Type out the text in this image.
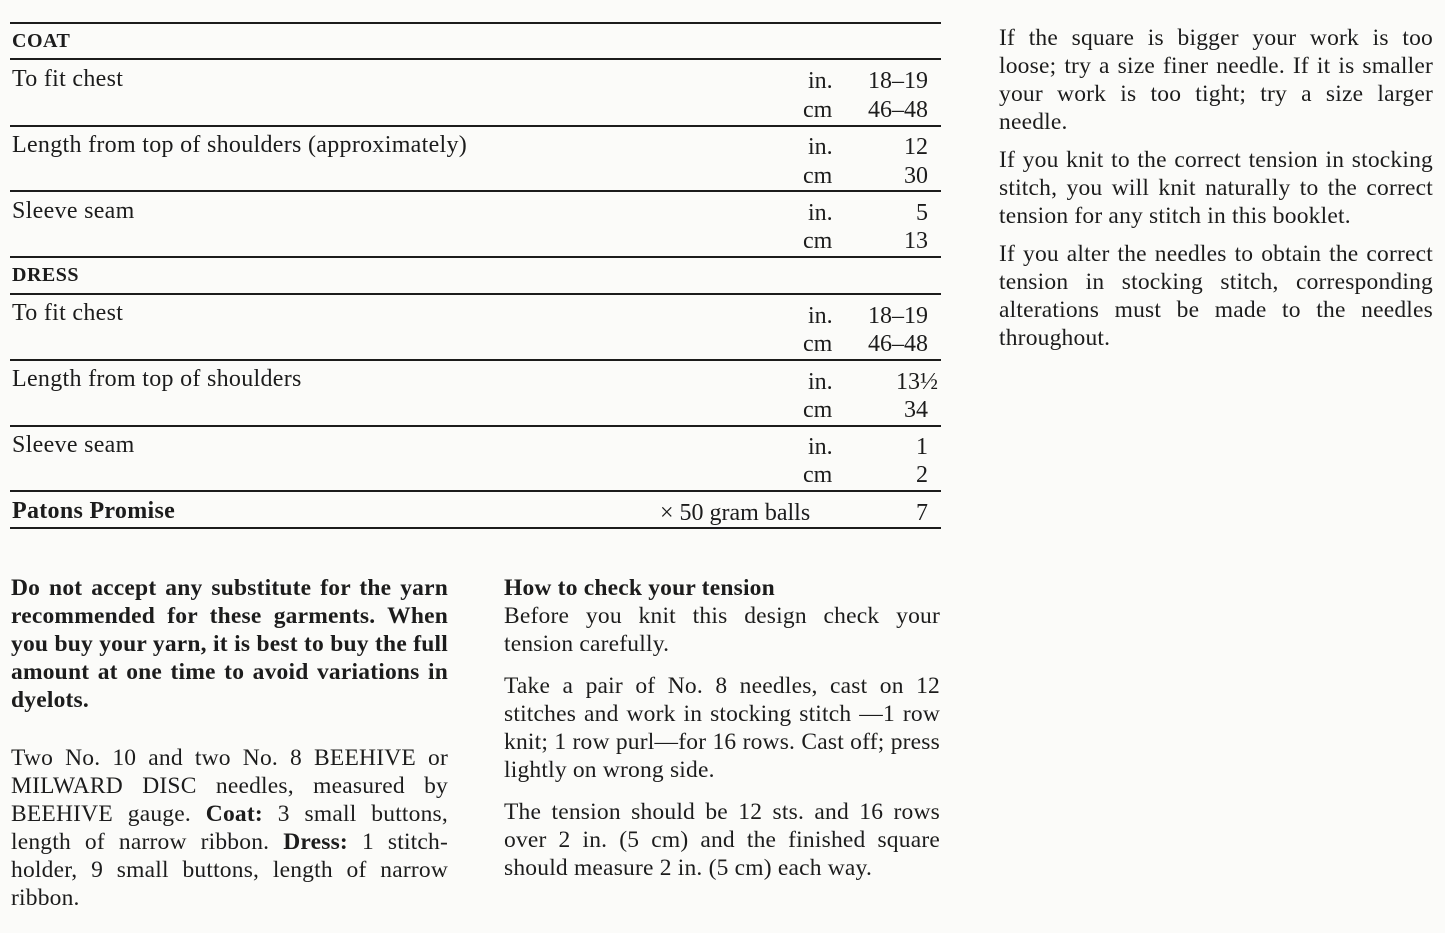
COAT
To fit chest	in.	18–19
cm	46–48
Length from top of shoulders (approximately)	in.	12
cm	30
Sleeve seam	in.	5
cm	13
DRESS
To fit chest	in.	18–19
cm	46–48
Length from top of shoulders	in.	13½
cm	34
Sleeve seam	in.	1
cm	2
Patons Promise	× 50 gram balls	7

Do not accept any substitute for the yarn recommended for these garments. When you buy your yarn, it is best to buy the full amount at one time to avoid variations in dyelots.

Two No. 10 and two No. 8 BEEHIVE or MILWARD DISC needles, measured by BEEHIVE gauge. Coat: 3 small buttons, length of narrow ribbon. Dress: 1 stitch-holder, 9 small buttons, length of narrow ribbon.

How to check your tension

Before you knit this design check your tension carefully.

Take a pair of No. 8 needles, cast on 12 stitches and work in stocking stitch —1 row knit; 1 row purl—for 16 rows. Cast off; press lightly on wrong side.

The tension should be 12 sts. and 16 rows over 2 in. (5 cm) and the finished square should measure 2 in. (5 cm) each way.

If the square is bigger your work is too loose; try a size finer needle. If it is smaller your work is too tight; try a size larger needle.

If you knit to the correct tension in stocking stitch, you will knit naturally to the correct tension for any stitch in this booklet.

If you alter the needles to obtain the correct tension in stocking stitch, corresponding alterations must be made to the needles throughout.
